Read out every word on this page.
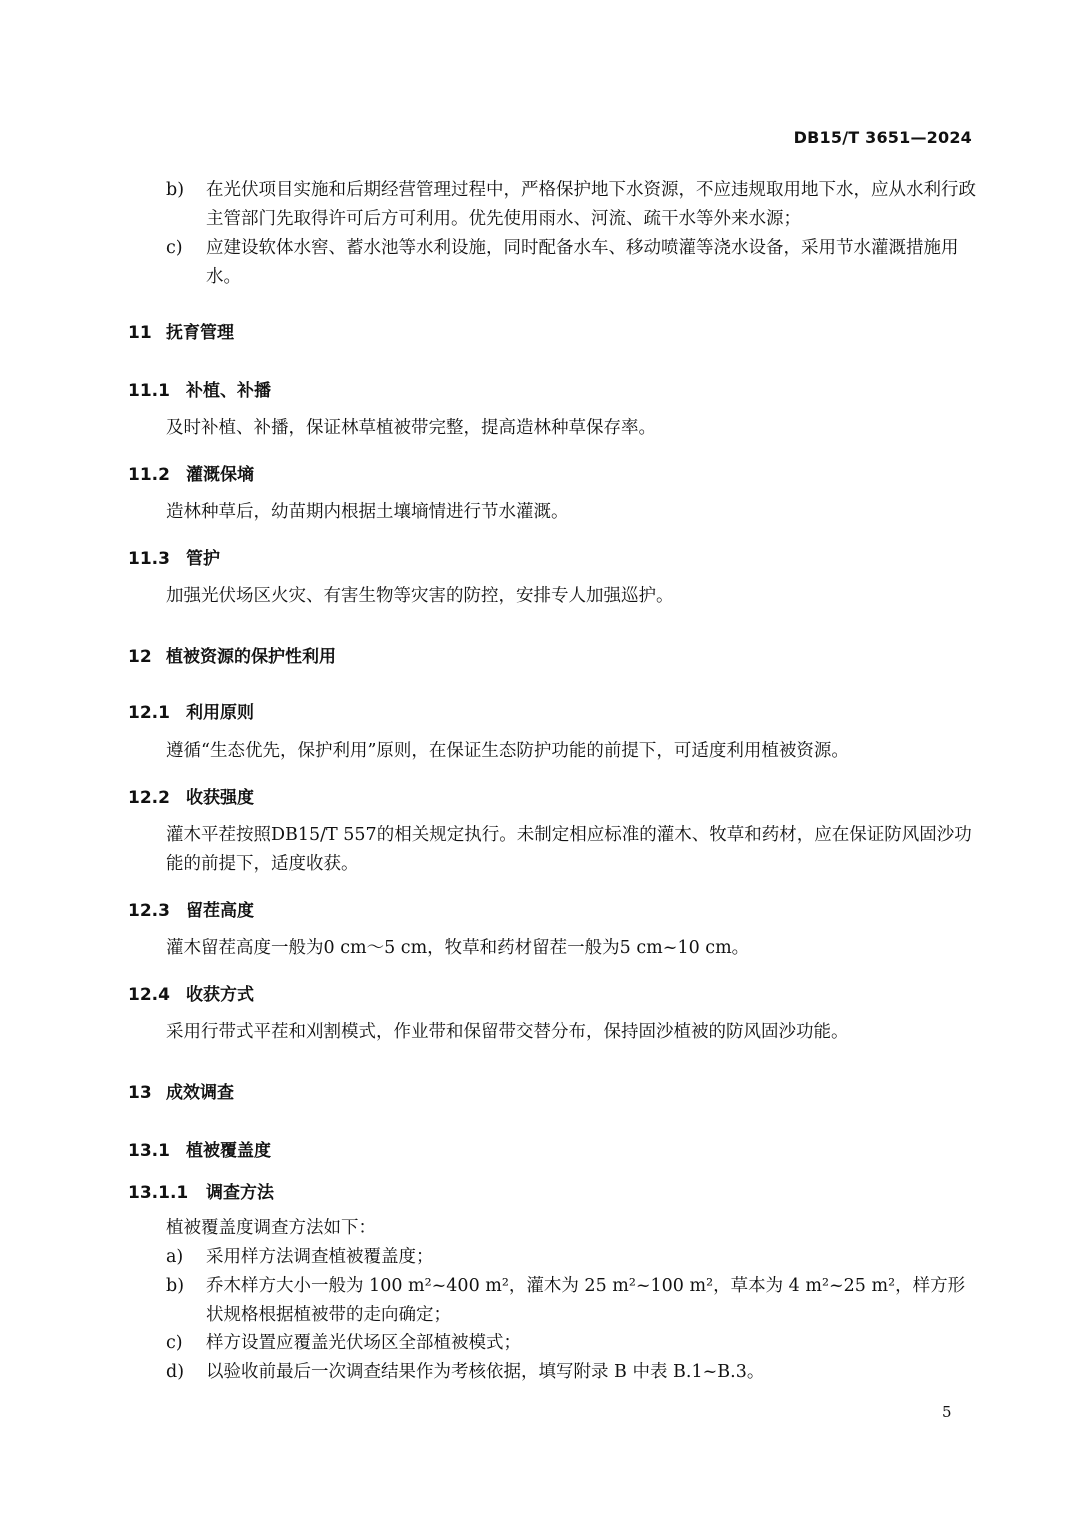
DB15/T 3651—2024
b)	在光伏项目实施和后期经营管理过程中，严格保护地下水资源，不应违规取用地下水，应从水利行政主管部门先取得许可后方可利用。优先使用雨水、河流、疏干水等外来水源；
c)	应建设软体水窖、蓄水池等水利设施，同时配备水车、移动喷灌等浇水设备，采用节水灌溉措施用水。
11 抚育管理
11.1 补植、补播
及时补植、补播，保证林草植被带完整，提高造林种草保存率。
11.2 灌溉保墒
造林种草后，幼苗期内根据土壤墒情进行节水灌溉。
11.3 管护
加强光伏场区火灾、有害生物等灾害的防控，安排专人加强巡护。
12 植被资源的保护性利用
12.1 利用原则
遵循“生态优先，保护利用”原则，在保证生态防护功能的前提下，可适度利用植被资源。
12.2 收获强度
灌木平茬按照DB15/T 557的相关规定执行。未制定相应标准的灌木、牧草和药材，应在保证防风固沙功能的前提下，适度收获。
12.3 留茬高度
灌木留茬高度一般为0 cm～5 cm，牧草和药材留茬一般为5 cm~10 cm。
12.4 收获方式
采用行带式平茬和刈割模式，作业带和保留带交替分布，保持固沙植被的防风固沙功能。
13 成效调查
13.1 植被覆盖度
13.1.1 调查方法
植被覆盖度调查方法如下：
a)	采用样方法调查植被覆盖度；
b)	乔木样方大小一般为 100 m²~400 m²，灌木为 25 m²~100 m²，草本为 4 m²~25 m²，样方形状规格根据植被带的走向确定；
c)	样方设置应覆盖光伏场区全部植被模式；
d)	以验收前最后一次调查结果作为考核依据，填写附录 B 中表 B.1~B.3。
5
